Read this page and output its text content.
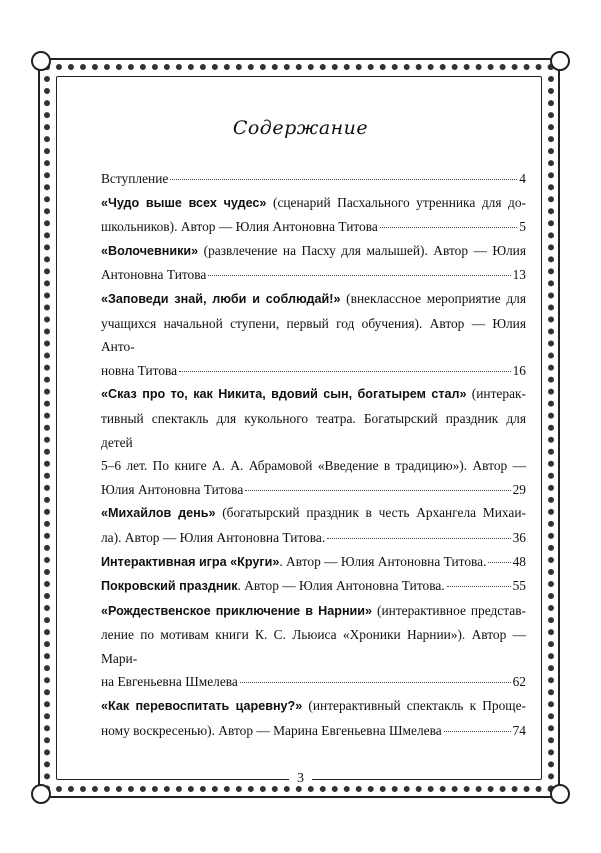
Содержание
Вступление	4
«Чудо выше всех чудес» (сценарий Пасхального утренника для до-
школьников). Автор — Юлия Антоновна Титова	5
«Волочевники» (развлечение на Пасху для малышей). Автор — Юлия
Антоновна Титова	13
«Заповеди знай, люби и соблюдай!» (внеклассное мероприятие для
учащихся начальной ступени, первый год обучения). Автор — Юлия Анто-
новна Титова	16
«Сказ про то, как Никита, вдовий сын, богатырем стал» (интерак-
тивный спектакль для кукольного театра. Богатырский праздник для детей
5–6 лет. По книге А. А. Абрамовой «Введение в традицию»). Автор —
Юлия Антоновна Титова	29
«Михайлов день» (богатырский праздник в честь Архангела Михаи-
ла). Автор — Юлия Антоновна Титова.	36
Интерактивная игра «Круги». Автор — Юлия Антоновна Титова. 48
Покровский праздник. Автор — Юлия Антоновна Титова.	55
«Рождественское приключение в Нарнии» (интерактивное представ-
ление по мотивам книги К. С. Льюиса «Хроники Нарнии»). Автор — Мари-
на Евгеньевна Шмелева	62
«Как перевоспитать царевну?» (интерактивный спектакль к Проще-
ному воскресенью). Автор — Марина Евгеньевна Шмелева	74
3
